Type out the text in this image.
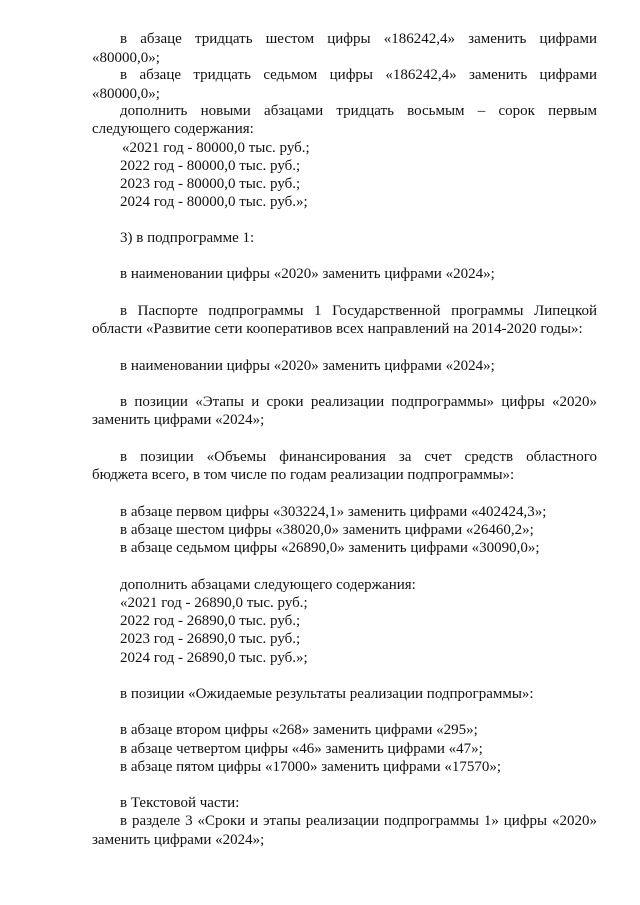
в абзаце тридцать шестом цифры «186242,4» заменить цифрами
«80000,0»;
в абзаце тридцать седьмом цифры «186242,4» заменить цифрами
«80000,0»;
дополнить новыми абзацами тридцать восьмым – сорок первым
следующего содержания:
«2021 год - 80000,0 тыс. руб.;
2022 год - 80000,0 тыс. руб.;
2023 год - 80000,0 тыс. руб.;
2024 год - 80000,0 тыс. руб.»;
3) в подпрограмме 1:
в наименовании цифры «2020» заменить цифрами «2024»;
в Паспорте подпрограммы 1 Государственной программы Липецкой
области «Развитие сети кооперативов всех направлений на 2014-2020 годы»:
в наименовании цифры «2020» заменить цифрами «2024»;
в позиции «Этапы и сроки реализации подпрограммы» цифры «2020»
заменить цифрами «2024»;
в позиции «Объемы финансирования за счет средств областного
бюджета всего, в том числе по годам реализации подпрограммы»:
в абзаце первом цифры «303224,1» заменить цифрами «402424,3»;
в абзаце шестом цифры «38020,0» заменить цифрами «26460,2»;
в абзаце седьмом цифры «26890,0» заменить цифрами «30090,0»;
дополнить абзацами следующего содержания:
«2021 год - 26890,0 тыс. руб.;
2022 год - 26890,0 тыс. руб.;
2023 год - 26890,0 тыс. руб.;
2024 год - 26890,0 тыс. руб.»;
в позиции «Ожидаемые результаты реализации подпрограммы»:
в абзаце втором цифры «268» заменить цифрами «295»;
в абзаце четвертом цифры «46» заменить цифрами «47»;
в абзаце пятом цифры «17000» заменить цифрами «17570»;
в Текстовой части:
в разделе 3 «Сроки и этапы реализации подпрограммы 1» цифры «2020»
заменить цифрами «2024»;
